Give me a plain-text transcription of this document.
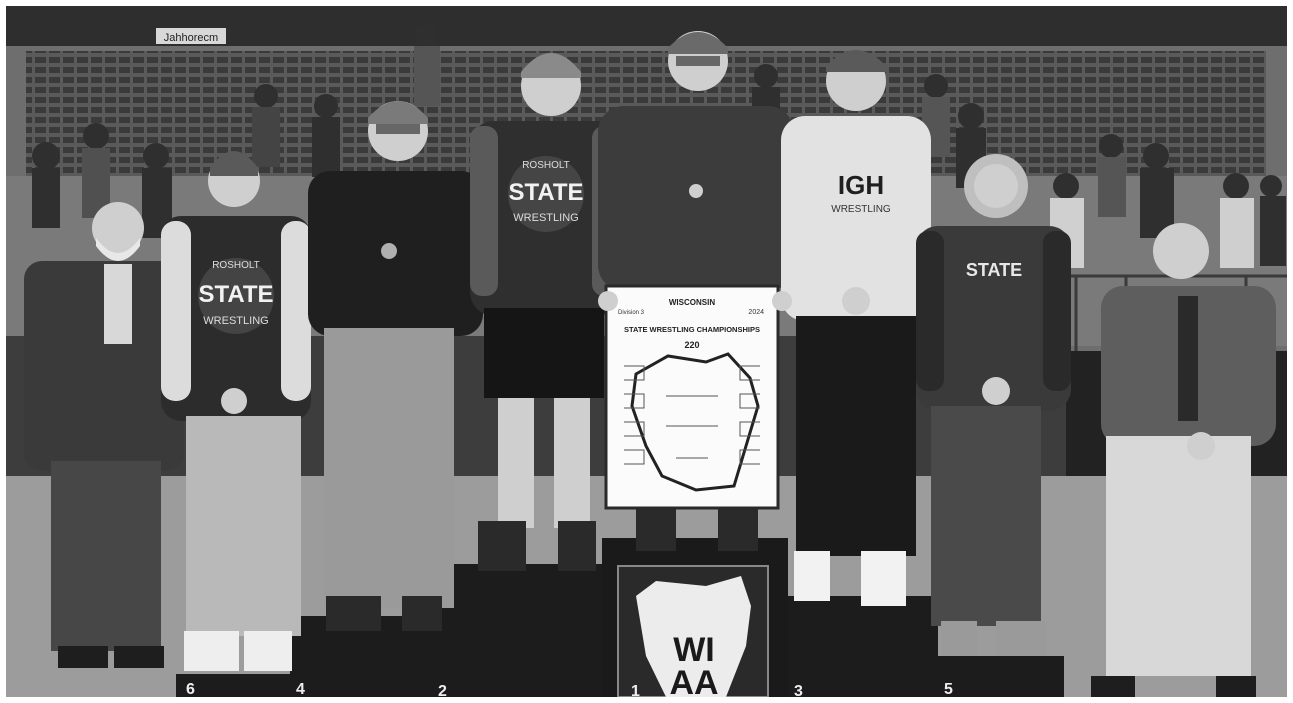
Jahhorecm
WI
AA
6	4	2	1	3	5
ROSHOLT
STATE
WRESTLING
ROSHOLT
STATE
WRESTLING
WISCONSIN
Division 3	2024
STATE WRESTLING CHAMPIONSHIPS
220
IGH
WRESTLING
STATE
